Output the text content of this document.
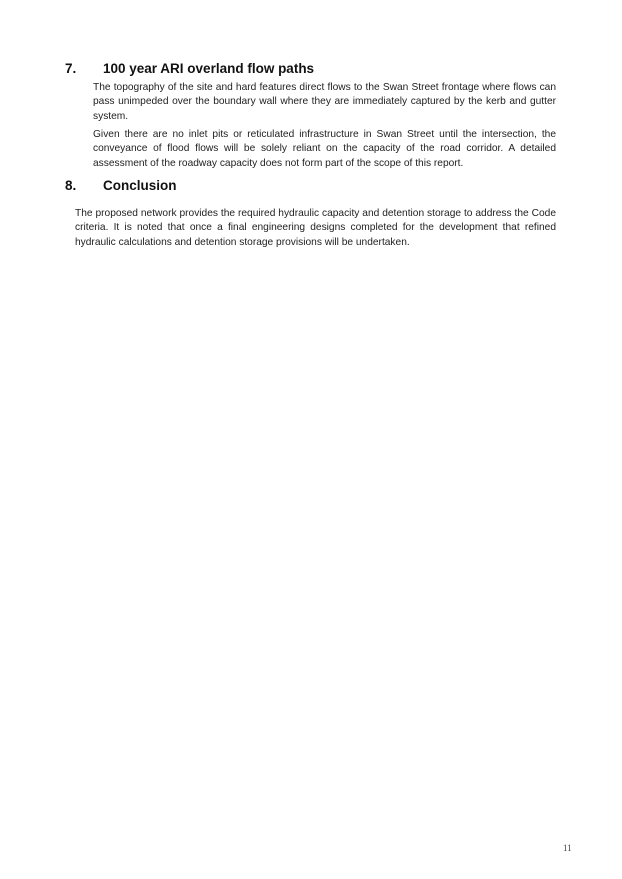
7. 100 year ARI overland flow paths

The topography of the site and hard features direct flows to the Swan Street frontage where flows can pass unimpeded over the boundary wall where they are immediately captured by the kerb and gutter system.

Given there are no inlet pits or reticulated infrastructure in Swan Street until the intersection, the conveyance of flood flows will be solely reliant on the capacity of the road corridor. A detailed assessment of the roadway capacity does not form part of the scope of this report.

8. Conclusion

The proposed network provides the required hydraulic capacity and detention storage to address the Code criteria. It is noted that once a final engineering designs completed for the development that refined hydraulic calculations and detention storage provisions will be undertaken.

11
